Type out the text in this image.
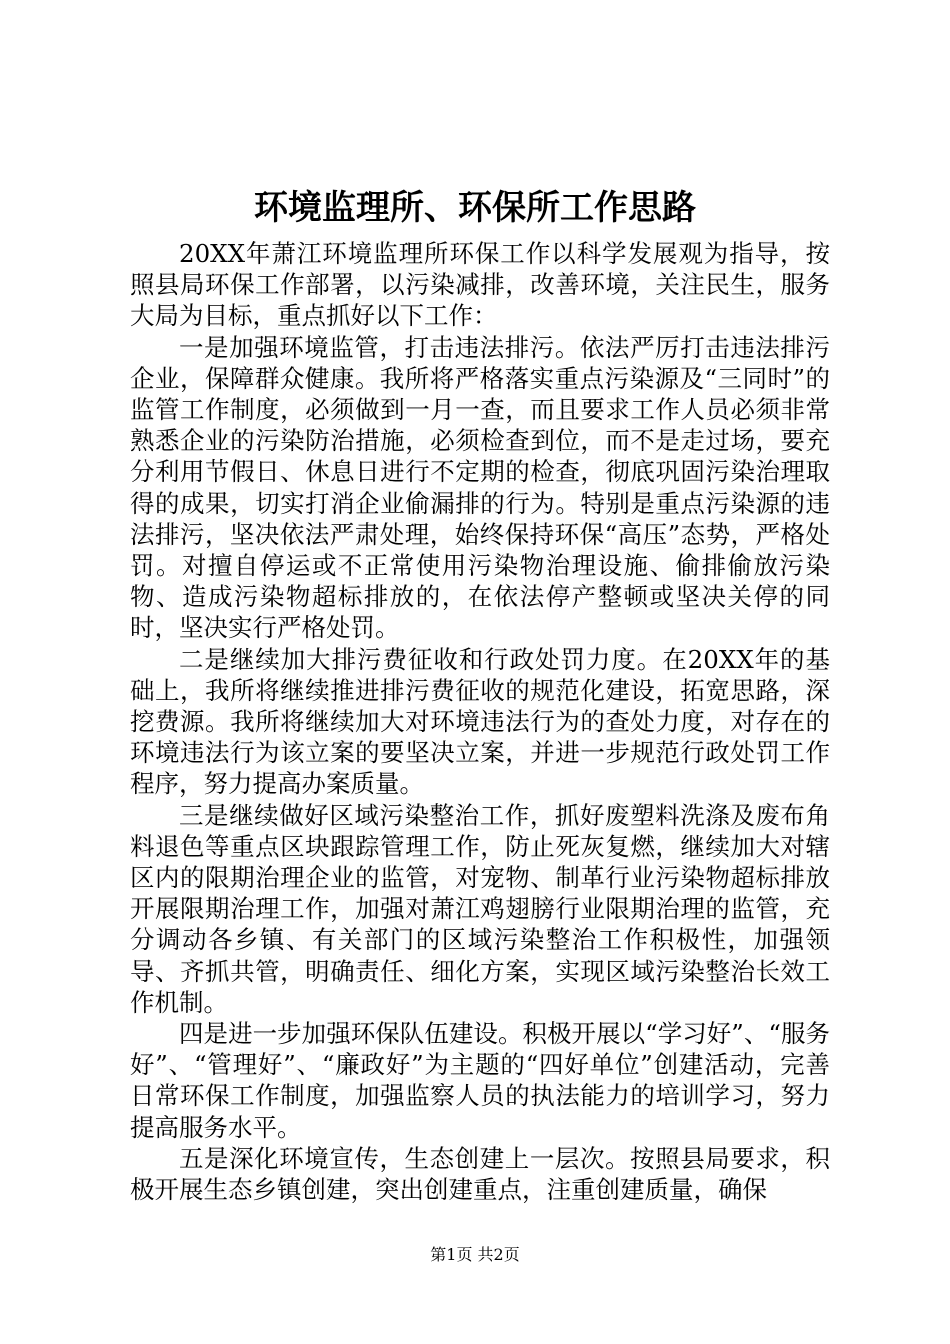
环境监理所、环保所工作思路

20XX年萧江环境监理所环保工作以科学发展观为指导，按照县局环保工作部署，以污染减排，改善环境，关注民生，服务大局为目标，重点抓好以下工作：

一是加强环境监管，打击违法排污。依法严厉打击违法排污企业，保障群众健康。我所将严格落实重点污染源及“三同时”的监管工作制度，必须做到一月一查，而且要求工作人员必须非常熟悉企业的污染防治措施，必须检查到位，而不是走过场，要充分利用节假日、休息日进行不定期的检查，彻底巩固污染治理取得的成果，切实打消企业偷漏排的行为。特别是重点污染源的违法排污，坚决依法严肃处理，始终保持环保“高压”态势，严格处罚。对擅自停运或不正常使用污染物治理设施、偷排偷放污染物、造成污染物超标排放的，在依法停产整顿或坚决关停的同时，坚决实行严格处罚。

二是继续加大排污费征收和行政处罚力度。在20XX年的基础上，我所将继续推进排污费征收的规范化建设，拓宽思路，深挖费源。我所将继续加大对环境违法行为的查处力度，对存在的环境违法行为该立案的要坚决立案，并进一步规范行政处罚工作程序，努力提高办案质量。

三是继续做好区域污染整治工作，抓好废塑料洗涤及废布角料退色等重点区块跟踪管理工作，防止死灰复燃，继续加大对辖区内的限期治理企业的监管，对宠物、制革行业污染物超标排放开展限期治理工作，加强对萧江鸡翅膀行业限期治理的监管，充分调动各乡镇、有关部门的区域污染整治工作积极性，加强领导、齐抓共管，明确责任、细化方案，实现区域污染整治长效工作机制。

四是进一步加强环保队伍建设。积极开展以“学习好”、“服务好”、“管理好”、“廉政好”为主题的“四好单位”创建活动，完善日常环保工作制度，加强监察人员的执法能力的培训学习，努力提高服务水平。

五是深化环境宣传，生态创建上一层次。按照县局要求，积极开展生态乡镇创建，突出创建重点，注重创建质量，确保

第1页 共2页
